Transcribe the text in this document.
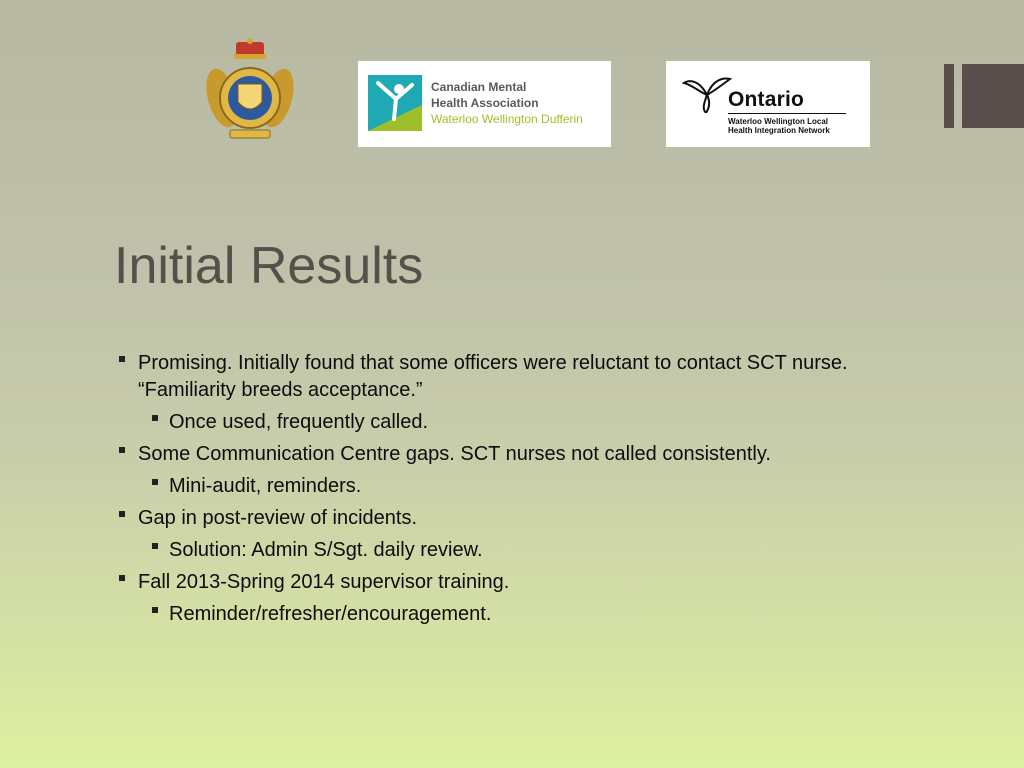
Canadian Mental
Health Association
Waterloo Wellington Dufferin
Ontario
Waterloo Wellington Local
Health Integration Network
Initial Results
Promising. Initially found that some officers were reluctant to contact SCT nurse. “Familiarity breeds acceptance.”
Once used, frequently called.
Some Communication Centre gaps. SCT nurses not called consistently.
Mini-audit, reminders.
Gap in post-review of incidents.
Solution: Admin S/Sgt. daily review.
Fall 2013-Spring 2014 supervisor training.
Reminder/refresher/encouragement.
